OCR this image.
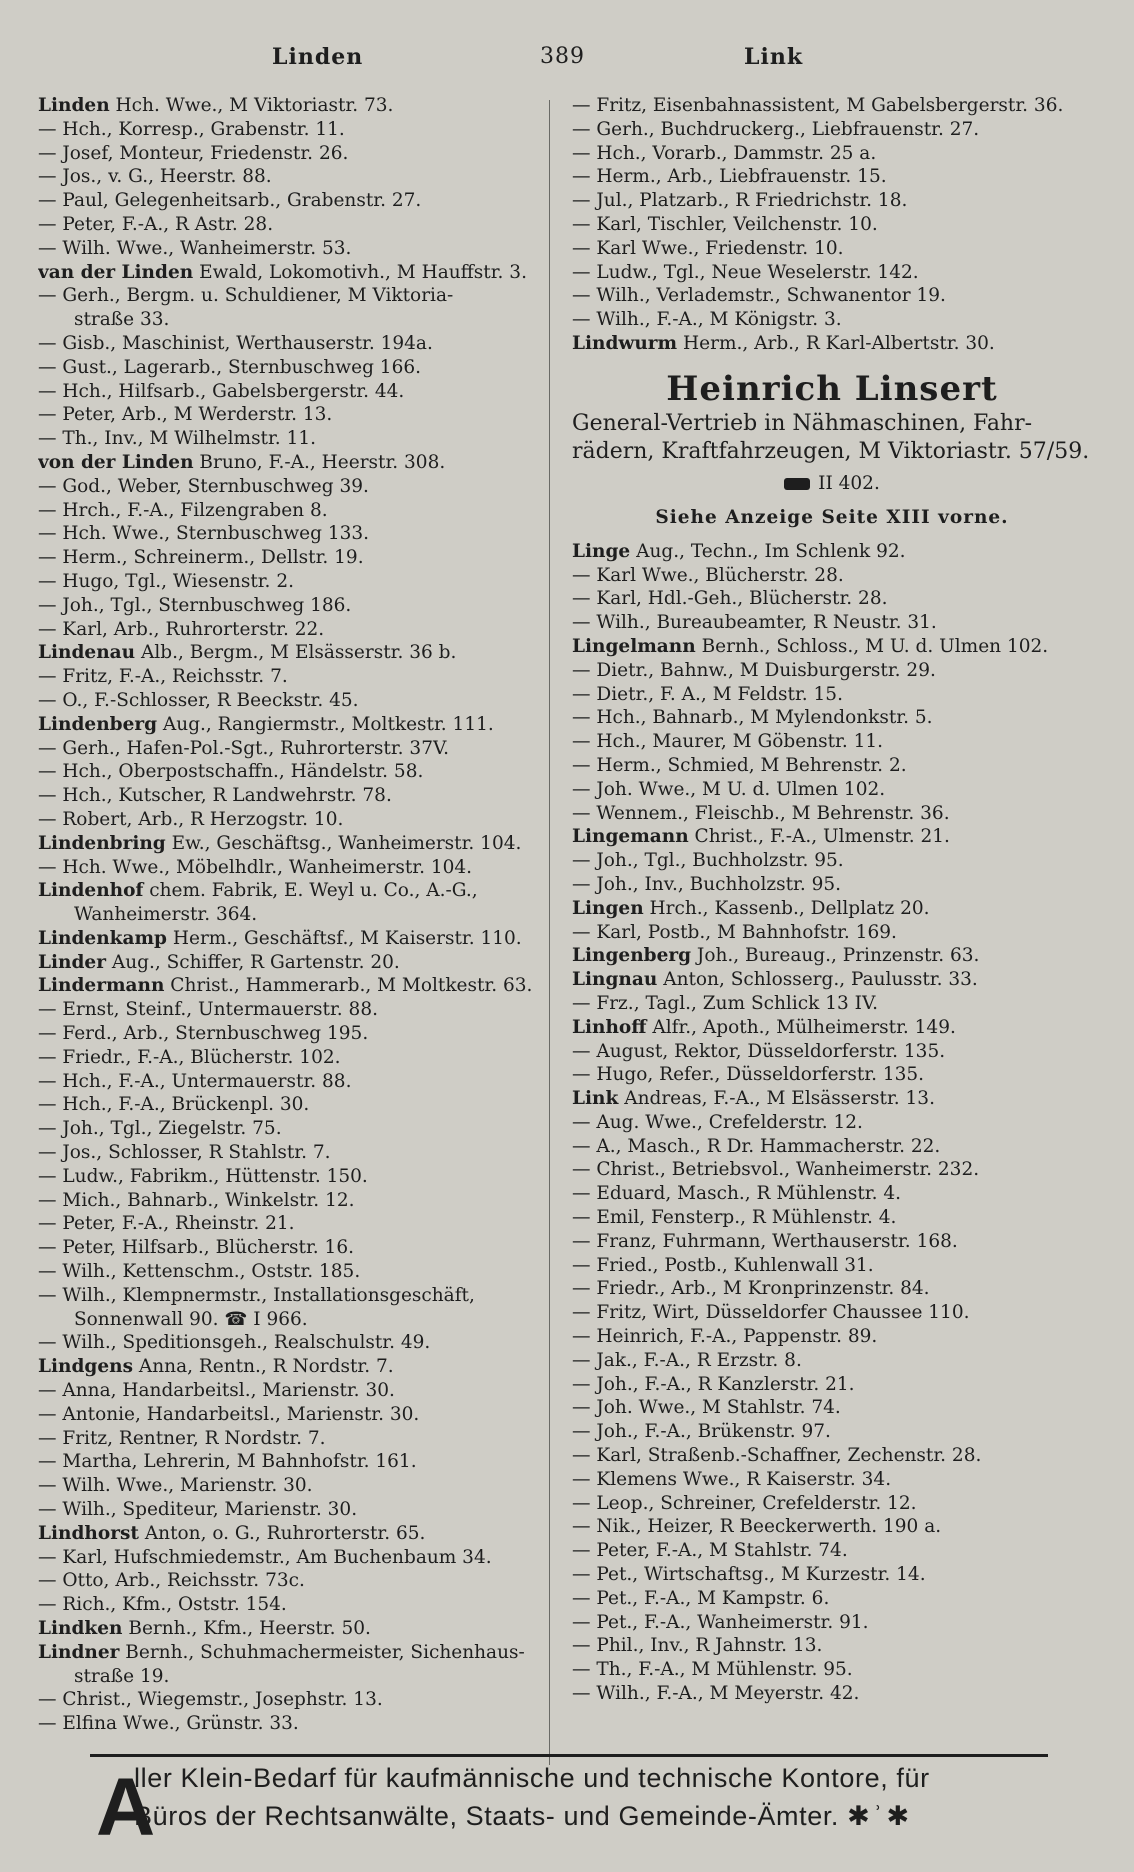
Linden	389	Link
Linden Hch. Wwe., M Viktoriastr. 73.
— Hch., Korresp., Grabenstr. 11.
— Josef, Monteur, Friedenstr. 26.
— Jos., v. G., Heerstr. 88.
— Paul, Gelegenheitsarb., Grabenstr. 27.
— Peter, F.-A., R Astr. 28.
— Wilh. Wwe., Wanheimerstr. 53.
van der Linden Ewald, Lokomotivh., M Hauffstr. 3.
— Gerh., Bergm. u. Schuldiener, M Viktoria-
straße 33.
— Gisb., Maschinist, Werthauserstr. 194a.
— Gust., Lagerarb., Sternbuschweg 166.
— Hch., Hilfsarb., Gabelsbergerstr. 44.
— Peter, Arb., M Werderstr. 13.
— Th., Inv., M Wilhelmstr. 11.
von der Linden Bruno, F.-A., Heerstr. 308.
— God., Weber, Sternbuschweg 39.
— Hrch., F.-A., Filzengraben 8.
— Hch. Wwe., Sternbuschweg 133.
— Herm., Schreinerm., Dellstr. 19.
— Hugo, Tgl., Wiesenstr. 2.
— Joh., Tgl., Sternbuschweg 186.
— Karl, Arb., Ruhrorterstr. 22.
Lindenau Alb., Bergm., M Elsässerstr. 36 b.
— Fritz, F.-A., Reichsstr. 7.
— O., F.-Schlosser, R Beeckstr. 45.
Lindenberg Aug., Rangiermstr., Moltkestr. 111.
— Gerh., Hafen-Pol.-Sgt., Ruhrorterstr. 37V.
— Hch., Oberpostschaffn., Händelstr. 58.
— Hch., Kutscher, R Landwehrstr. 78.
— Robert, Arb., R Herzogstr. 10.
Lindenbring Ew., Geschäftsg., Wanheimerstr. 104.
— Hch. Wwe., Möbelhdlr., Wanheimerstr. 104.
Lindenhof chem. Fabrik, E. Weyl u. Co., A.-G.,
Wanheimerstr. 364.
Lindenkamp Herm., Geschäftsf., M Kaiserstr. 110.
Linder Aug., Schiffer, R Gartenstr. 20.
Lindermann Christ., Hammerarb., M Moltkestr. 63.
— Ernst, Steinf., Untermauerstr. 88.
— Ferd., Arb., Sternbuschweg 195.
— Friedr., F.-A., Blücherstr. 102.
— Hch., F.-A., Untermauerstr. 88.
— Hch., F.-A., Brückenpl. 30.
— Joh., Tgl., Ziegelstr. 75.
— Jos., Schlosser, R Stahlstr. 7.
— Ludw., Fabrikm., Hüttenstr. 150.
— Mich., Bahnarb., Winkelstr. 12.
— Peter, F.-A., Rheinstr. 21.
— Peter, Hilfsarb., Blücherstr. 16.
— Wilh., Kettenschm., Oststr. 185.
— Wilh., Klempnermstr., Installationsgeschäft,
Sonnenwall 90. ☎ I 966.
— Wilh., Speditionsgeh., Realschulstr. 49.
Lindgens Anna, Rentn., R Nordstr. 7.
— Anna, Handarbeitsl., Marienstr. 30.
— Antonie, Handarbeitsl., Marienstr. 30.
— Fritz, Rentner, R Nordstr. 7.
— Martha, Lehrerin, M Bahnhofstr. 161.
— Wilh. Wwe., Marienstr. 30.
— Wilh., Spediteur, Marienstr. 30.
Lindhorst Anton, o. G., Ruhrorterstr. 65.
— Karl, Hufschmiedemstr., Am Buchenbaum 34.
— Otto, Arb., Reichsstr. 73c.
— Rich., Kfm., Oststr. 154.
Lindken Bernh., Kfm., Heerstr. 50.
Lindner Bernh., Schuhmachermeister, Sichenhaus-
straße 19.
— Christ., Wiegemstr., Josephstr. 13.
— Elfina Wwe., Grünstr. 33.
— Fritz, Eisenbahnassistent, M Gabelsbergerstr. 36.
— Gerh., Buchdruckerg., Liebfrauenstr. 27.
— Hch., Vorarb., Dammstr. 25 a.
— Herm., Arb., Liebfrauenstr. 15.
— Jul., Platzarb., R Friedrichstr. 18.
— Karl, Tischler, Veilchenstr. 10.
— Karl Wwe., Friedenstr. 10.
— Ludw., Tgl., Neue Weselerstr. 142.
— Wilh., Verlademstr., Schwanentor 19.
— Wilh., F.-A., M Königstr. 3.
Lindwurm Herm., Arb., R Karl-Albertstr. 30.
Heinrich Linsert
General-Vertrieb in Nähmaschinen, Fahr-
rädern, Kraftfahrzeugen, M Viktoriastr. 57/59.
II 402.
Siehe Anzeige Seite XIII vorne.
Linge Aug., Techn., Im Schlenk 92.
— Karl Wwe., Blücherstr. 28.
— Karl, Hdl.-Geh., Blücherstr. 28.
— Wilh., Bureaubeamter, R Neustr. 31.
Lingelmann Bernh., Schloss., M U. d. Ulmen 102.
— Dietr., Bahnw., M Duisburgerstr. 29.
— Dietr., F. A., M Feldstr. 15.
— Hch., Bahnarb., M Mylendonkstr. 5.
— Hch., Maurer, M Göbenstr. 11.
— Herm., Schmied, M Behrenstr. 2.
— Joh. Wwe., M U. d. Ulmen 102.
— Wennem., Fleischb., M Behrenstr. 36.
Lingemann Christ., F.-A., Ulmenstr. 21.
— Joh., Tgl., Buchholzstr. 95.
— Joh., Inv., Buchholzstr. 95.
Lingen Hrch., Kassenb., Dellplatz 20.
— Karl, Postb., M Bahnhofstr. 169.
Lingenberg Joh., Bureaug., Prinzenstr. 63.
Lingnau Anton, Schlosserg., Paulusstr. 33.
— Frz., Tagl., Zum Schlick 13 IV.
Linhoff Alfr., Apoth., Mülheimerstr. 149.
— August, Rektor, Düsseldorferstr. 135.
— Hugo, Refer., Düsseldorferstr. 135.
Link Andreas, F.-A., M Elsässerstr. 13.
— Aug. Wwe., Crefelderstr. 12.
— A., Masch., R Dr. Hammacherstr. 22.
— Christ., Betriebsvol., Wanheimerstr. 232.
— Eduard, Masch., R Mühlenstr. 4.
— Emil, Fensterp., R Mühlenstr. 4.
— Franz, Fuhrmann, Werthauserstr. 168.
— Fried., Postb., Kuhlenwall 31.
— Friedr., Arb., M Kronprinzenstr. 84.
— Fritz, Wirt, Düsseldorfer Chaussee 110.
— Heinrich, F.-A., Pappenstr. 89.
— Jak., F.-A., R Erzstr. 8.
— Joh., F.-A., R Kanzlerstr. 21.
— Joh. Wwe., M Stahlstr. 74.
— Joh., F.-A., Brükenstr. 97.
— Karl, Straßenb.-Schaffner, Zechenstr. 28.
— Klemens Wwe., R Kaiserstr. 34.
— Leop., Schreiner, Crefelderstr. 12.
— Nik., Heizer, R Beeckerwerth. 190 a.
— Peter, F.-A., M Stahlstr. 74.
— Pet., Wirtschaftsg., M Kurzestr. 14.
— Pet., F.-A., M Kampstr. 6.
— Pet., F.-A., Wanheimerstr. 91.
— Phil., Inv., R Jahnstr. 13.
— Th., F.-A., M Mühlenstr. 95.
— Wilh., F.-A., M Meyerstr. 42.
A
ller Klein-Bedarf für kaufmännische und technische Kontore, für
Büros der Rechtsanwälte, Staats- und Gemeinde-Ämter. ✱ ͗ ✱
